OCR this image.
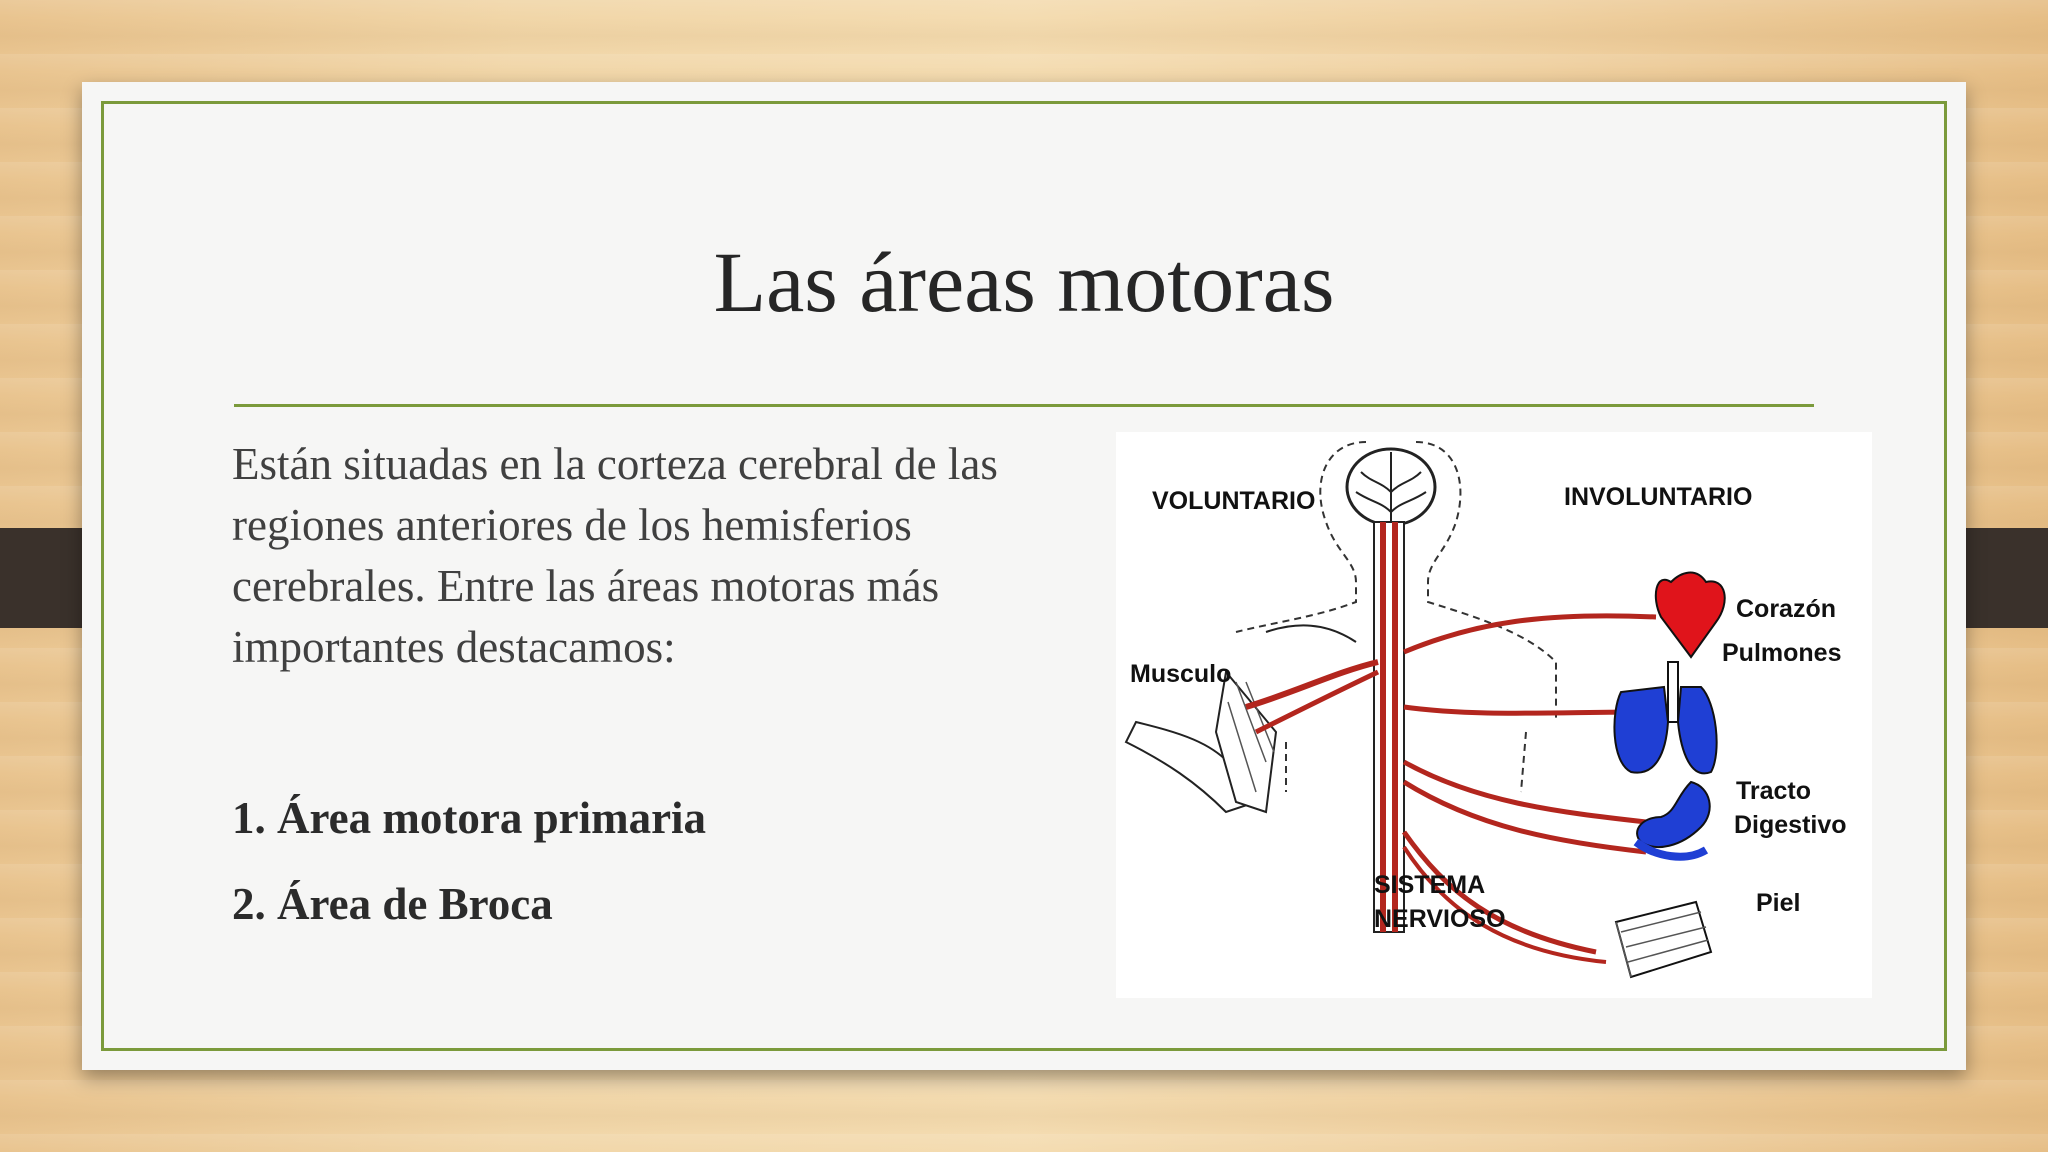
Las áreas motoras
Están situadas en la corteza cerebral de las regiones anteriores de los hemisferios cerebrales. Entre las áreas motoras más importantes destacamos:
1. Área motora primaria
2. Área de Broca
VOLUNTARIO	INVOLUNTARIO
Musculo
Corazón
Pulmones
Tracto
Digestivo
SISTEMA
NERVIOSO
Piel
